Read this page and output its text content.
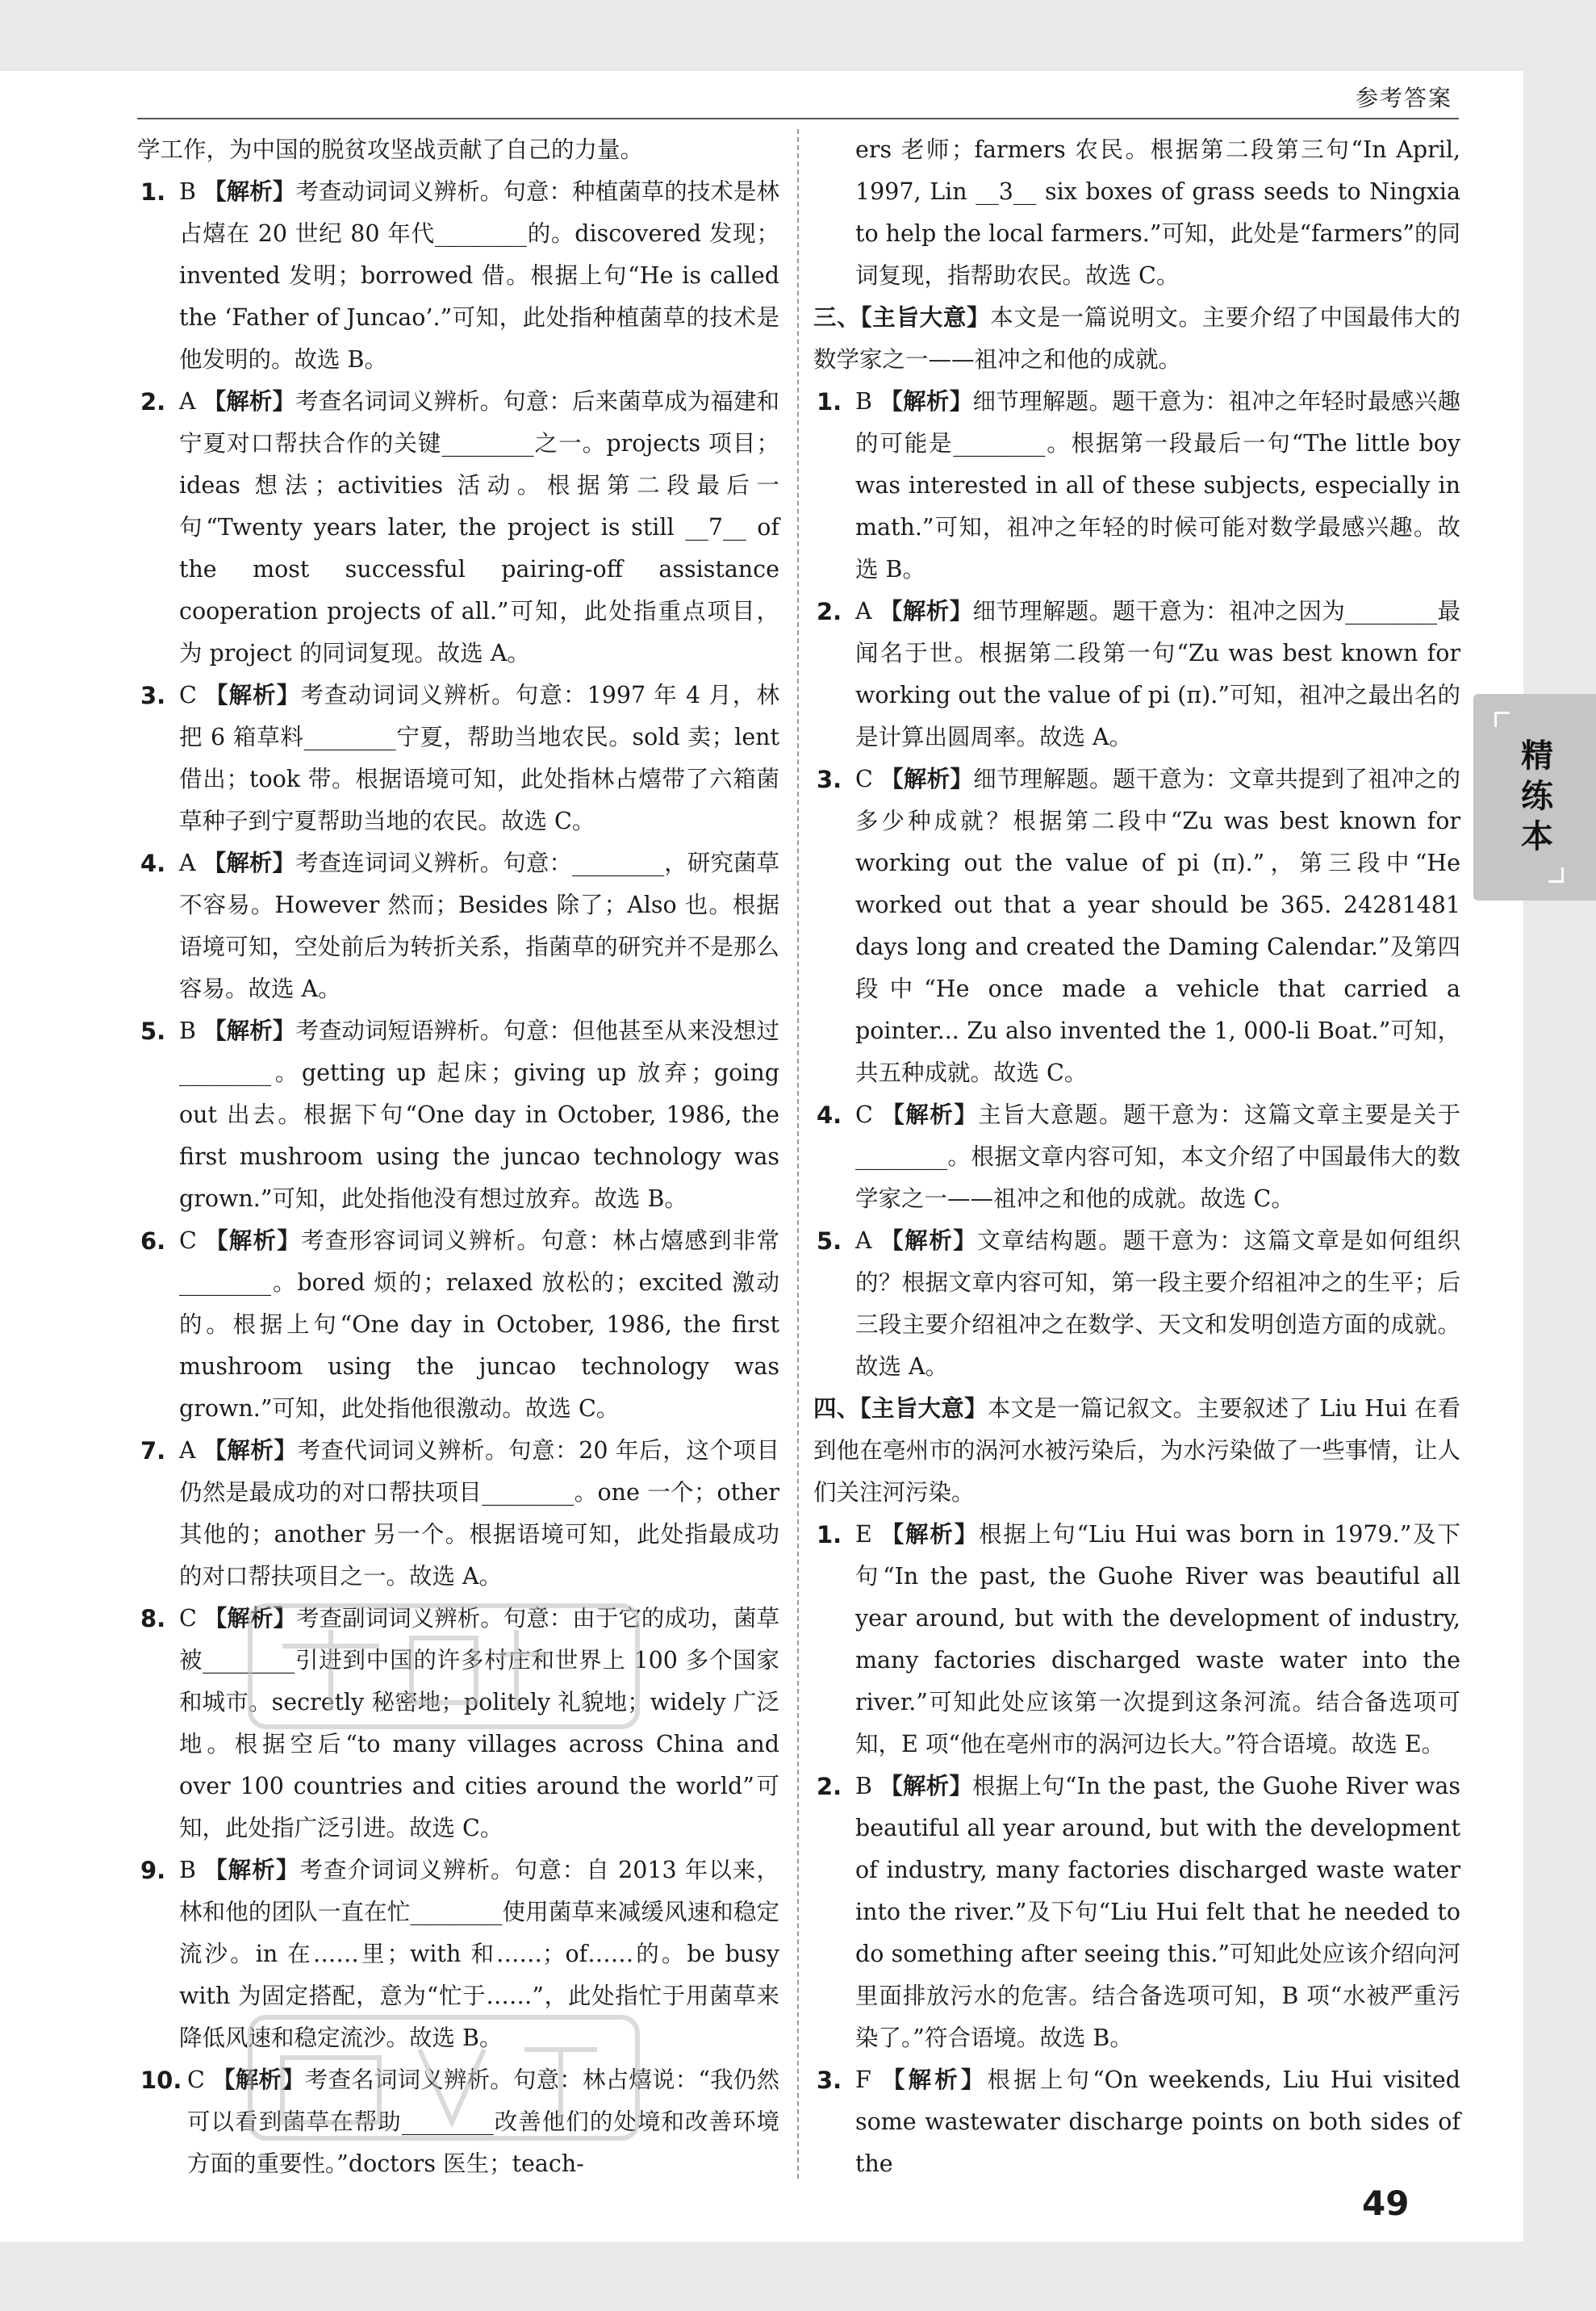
参考答案

学工作，为中国的脱贫攻坚战贡献了自己的力量。

1. B 【解析】考查动词词义辨析。句意：种植菌草的技术是林占熺在 20 世纪 80 年代________的。discovered 发现；invented 发明；borrowed 借。根据上句“He is called the ‘Father of Juncao’.”可知，此处指种植菌草的技术是他发明的。故选 B。

2. A 【解析】考查名词词义辨析。句意：后来菌草成为福建和宁夏对口帮扶合作的关键________之一。projects 项目；ideas 想法；activities 活动。根据第二段最后一句“Twenty years later, the project is still __7__ of the most successful pairing-off assistance cooperation projects of all.”可知，此处指重点项目，为 project 的同词复现。故选 A。

3. C 【解析】考查动词词义辨析。句意：1997 年 4 月，林把 6 箱草料________宁夏，帮助当地农民。sold 卖；lent 借出；took 带。根据语境可知，此处指林占熺带了六箱菌草种子到宁夏帮助当地的农民。故选 C。

4. A 【解析】考查连词词义辨析。句意：________，研究菌草不容易。However 然而；Besides 除了；Also 也。根据语境可知，空处前后为转折关系，指菌草的研究并不是那么容易。故选 A。

5. B 【解析】考查动词短语辨析。句意：但他甚至从来没想过________。getting up 起床；giving up 放弃；going out 出去。根据下句“One day in October, 1986, the first mushroom using the juncao technology was grown.”可知，此处指他没有想过放弃。故选 B。

6. C 【解析】考查形容词词义辨析。句意：林占熺感到非常________。bored 烦的；relaxed 放松的；excited 激动的。根据上句“One day in October, 1986, the first mushroom using the juncao technology was grown.”可知，此处指他很激动。故选 C。

7. A 【解析】考查代词词义辨析。句意：20 年后，这个项目仍然是最成功的对口帮扶项目________。one 一个；other 其他的；another 另一个。根据语境可知，此处指最成功的对口帮扶项目之一。故选 A。

8. C 【解析】考查副词词义辨析。句意：由于它的成功，菌草被________引进到中国的许多村庄和世界上 100 多个国家和城市。secretly 秘密地；politely 礼貌地；widely 广泛地。根据空后“to many villages across China and over 100 countries and cities around the world”可知，此处指广泛引进。故选 C。

9. B 【解析】考查介词词义辨析。句意：自 2013 年以来，林和他的团队一直在忙________使用菌草来减缓风速和稳定流沙。in 在……里；with 和……；of……的。be busy with 为固定搭配，意为“忙于……”，此处指忙于用菌草来降低风速和稳定流沙。故选 B。

10. C 【解析】考查名词词义辨析。句意：林占熺说：“我仍然可以看到菌草在帮助________改善他们的处境和改善环境方面的重要性。”doctors 医生；teach-

ers 老师；farmers 农民。根据第二段第三句“In April, 1997, Lin __3__ six boxes of grass seeds to Ningxia to help the local farmers.”可知，此处是“farmers”的同词复现，指帮助农民。故选 C。

三、【主旨大意】本文是一篇说明文。主要介绍了中国最伟大的数学家之一——祖冲之和他的成就。

1. B 【解析】细节理解题。题干意为：祖冲之年轻时最感兴趣的可能是________。根据第一段最后一句“The little boy was interested in all of these subjects, especially in math.”可知，祖冲之年轻的时候可能对数学最感兴趣。故选 B。

2. A 【解析】细节理解题。题干意为：祖冲之因为________最闻名于世。根据第二段第一句“Zu was best known for working out the value of pi (π).”可知，祖冲之最出名的是计算出圆周率。故选 A。

3. C 【解析】细节理解题。题干意为：文章共提到了祖冲之的多少种成就？根据第二段中“Zu was best known for working out the value of pi (π).”，第三段中“He worked out that a year should be 365. 24281481 days long and created the Daming Calendar.”及第四段中“He once made a vehicle that carried a pointer... Zu also invented the 1, 000-li Boat.”可知，共五种成就。故选 C。

4. C 【解析】主旨大意题。题干意为：这篇文章主要是关于________。根据文章内容可知，本文介绍了中国最伟大的数学家之一——祖冲之和他的成就。故选 C。

5. A 【解析】文章结构题。题干意为：这篇文章是如何组织的？根据文章内容可知，第一段主要介绍祖冲之的生平；后三段主要介绍祖冲之在数学、天文和发明创造方面的成就。故选 A。

四、【主旨大意】本文是一篇记叙文。主要叙述了 Liu Hui 在看到他在亳州市的涡河水被污染后，为水污染做了一些事情，让人们关注河污染。

1. E 【解析】根据上句“Liu Hui was born in 1979.”及下句“In the past, the Guohe River was beautiful all year around, but with the development of industry, many factories discharged waste water into the river.”可知此处应该第一次提到这条河流。结合备选项可知，E 项“他在亳州市的涡河边长大。”符合语境。故选 E。

2. B 【解析】根据上句“In the past, the Guohe River was beautiful all year around, but with the development of industry, many factories discharged waste water into the river.”及下句“Liu Hui felt that he needed to do something after seeing this.”可知此处应该介绍向河里面排放污水的危害。结合备选项可知，B 项“水被严重污染了。”符合语境。故选 B。

3. F 【解析】根据上句“On weekends, Liu Hui visited some wastewater discharge points on both sides of the

精练本
49
